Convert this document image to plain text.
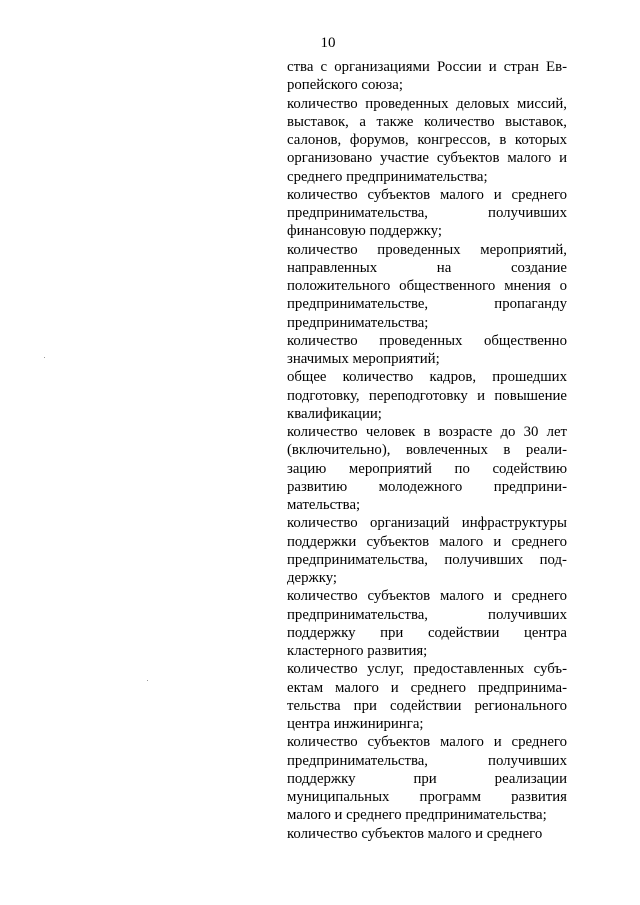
10

ства с организациями России и стран Ев-
ропейского союза;

количество проведенных деловых миссий,
выставок, а также количество выставок,
салонов, форумов, конгрессов, в которых
организовано участие субъектов малого и
среднего предпринимательства;

количество субъектов малого и среднего
предпринимательства, получивших
финансовую поддержку;

количество проведенных мероприятий,
направленных на создание
положительного общественного мнения о
предпринимательстве, пропаганду
предпринимательства;

количество проведенных общественно
значимых мероприятий;

общее количество кадров, прошедших
подготовку, переподготовку и повышение
квалификации;

количество человек в возрасте до 30 лет
(включительно), вовлеченных в реали-
зацию мероприятий по содействию
развитию молодежного предприни-
мательства;

количество организаций инфраструктуры
поддержки субъектов малого и среднего
предпринимательства, получивших под-
держку;

количество субъектов малого и среднего
предпринимательства, получивших
поддержку при содействии центра
кластерного развития;

количество услуг, предоставленных субъ-
ектам малого и среднего предпринима-
тельства при содействии регионального
центра инжиниринга;

количество субъектов малого и среднего
предпринимательства, получивших
поддержку при реализации
муниципальных программ развития
малого и среднего предпринимательства;

количество субъектов малого и среднего
